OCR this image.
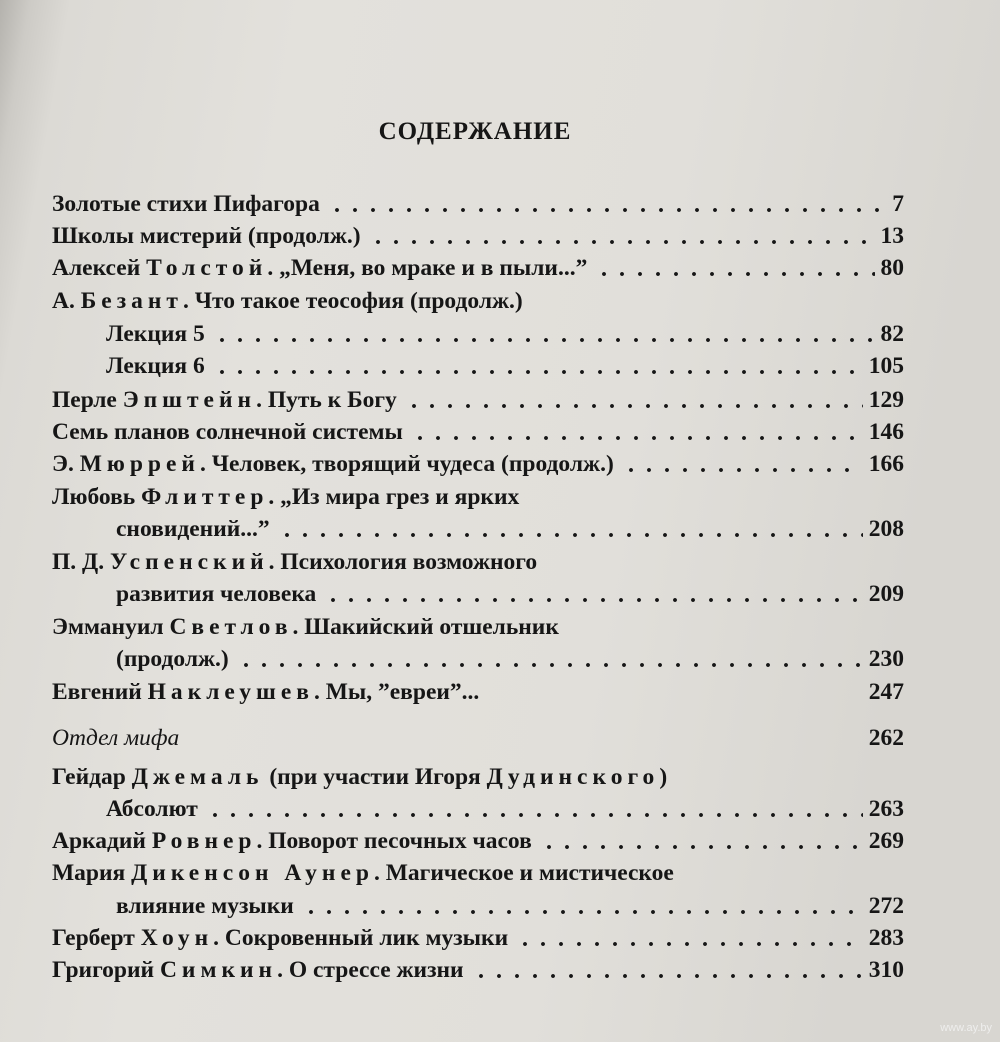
СОДЕРЖАНИЕ
Золотые стихи Пифагора	7
Школы мистерий (продолж.)	13
Алексей Толстой. „Меня, во мраке и в пыли...”	80
А. Безант. Что такое теософия (продолж.)
Лекция 5	82
Лекция 6	105
Перле Эпштейн. Путь к Богу	129
Семь планов солнечной системы	146
Э. Мюррей. Человек, творящий чудеса (продолж.)	166
Любовь Флиттер. „Из мира грез и ярких
сновидений...”	208
П. Д. Успенский. Психология возможного
развития человека	209
Эммануил Светлов. Шакийский отшельник
(продолж.)	230
Евгений Наклеушев. Мы, ”евреи”...	247
Отдел мифа	262
Гейдар Джемаль (при участии Игоря Дудинского)
Абсолют	263
Аркадий Ровнер. Поворот песочных часов	269
Мария Дикенсон Аунер. Магическое и мистическое
влияние музыки	272
Герберт Хоун. Сокровенный лик музыки	283
Григорий Симкин. О стрессе жизни	310
www.ay.by
